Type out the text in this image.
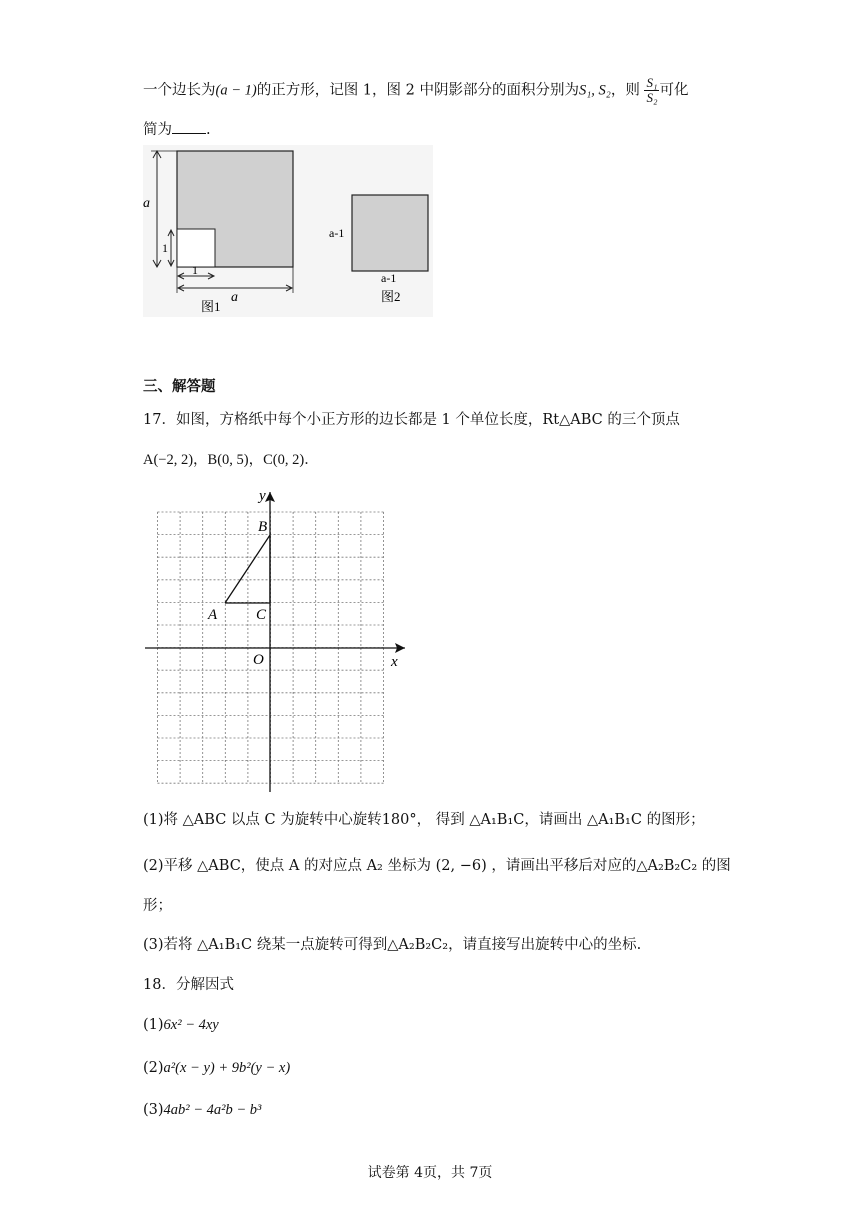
一个边长为(a − 1)的正方形，记图 1，图 2 中阴影部分的面积分别为S₁, S₂，则 $\frac{\text{S₁}}{\text{S₂}}$ 可化
简为 .
a
1
1
a
图1
a-1
a-1
图2
三、解答题
17．如图，方格纸中每个小正方形的边长都是 1 个单位长度，Rt△ABC 的三个顶点
A(−2, 2)，B(0, 5)，C(0, 2)．
y
x
O
A
B
C
(1)将 △ABC 以点 C 为旋转中心旋转180°， 得到 △A₁B₁C，请画出 △A₁B₁C 的图形；
(2)平移 △ABC，使点 A 的对应点 A₂ 坐标为 (2, −6) ，请画出平移后对应的△A₂B₂C₂ 的图
形；
(3)若将 △A₁B₁C 绕某一点旋转可得到△A₂B₂C₂，请直接写出旋转中心的坐标.
18．分解因式
(1)6x² − 4xy
(2)a²(x − y) + 9b²(y − x)
(3)4ab² − 4a²b − b³
试卷第 4页，共 7页
